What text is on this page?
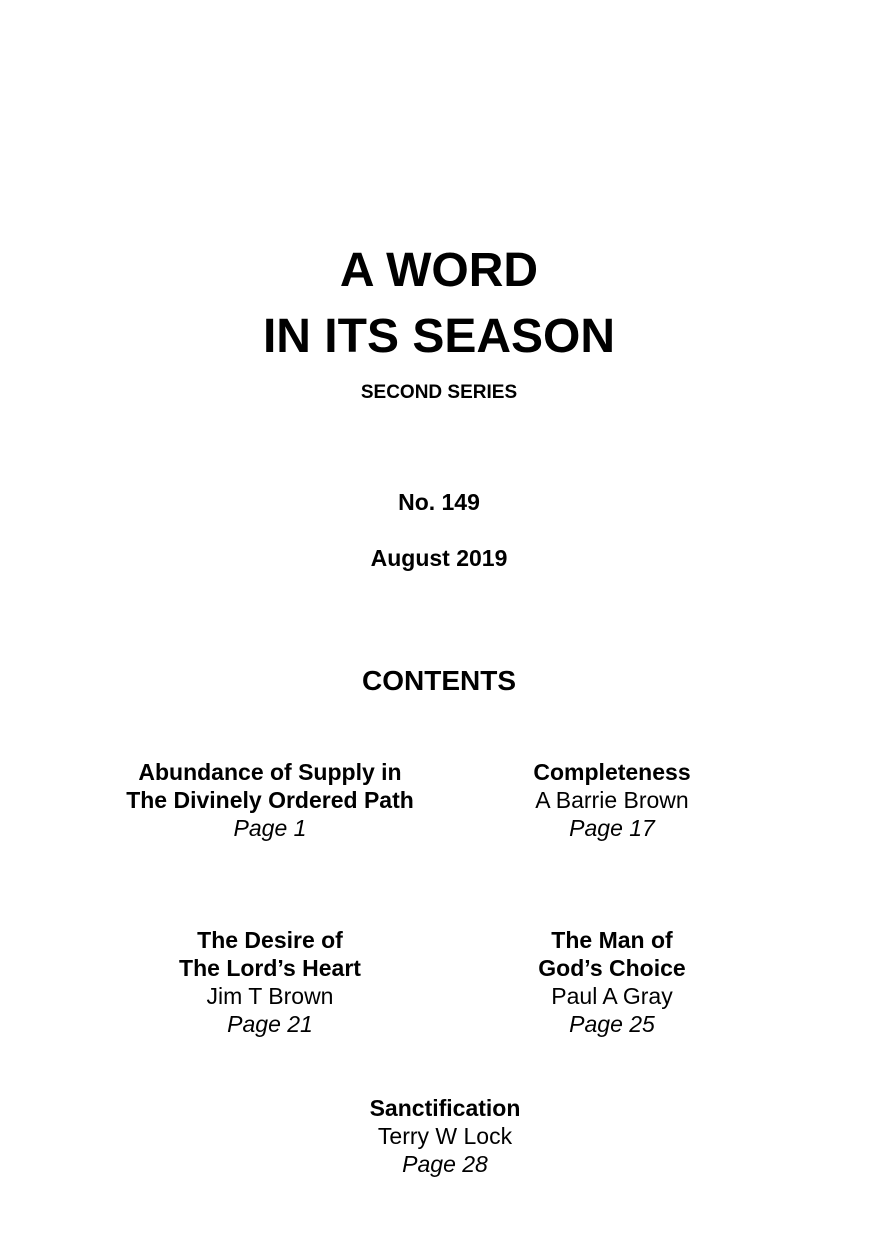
A WORD
IN ITS SEASON
SECOND SERIES
No. 149
August 2019
CONTENTS
Abundance of Supply in
The Divinely Ordered Path
Page 1
Completeness
A Barrie Brown
Page 17
The Desire of
The Lord’s Heart
Jim T Brown
Page 21
The Man of
God’s Choice
Paul A Gray
Page 25
Sanctification
Terry W Lock
Page 28
